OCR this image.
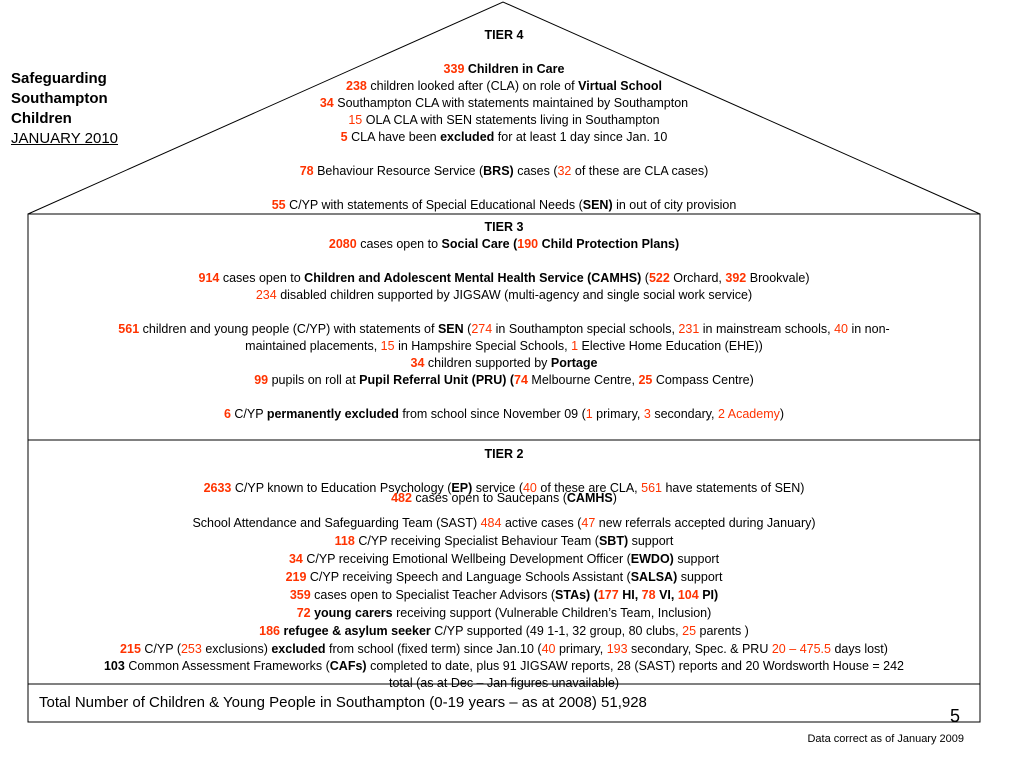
Safeguarding
Southampton
Children
JANUARY 2010
TIER 4
339 Children in Care
238 children looked after (CLA) on role of Virtual School
34 Southampton CLA with statements maintained by Southampton
15 OLA CLA with SEN statements living in Southampton
5 CLA have been excluded for at least 1 day since Jan. 10
78 Behaviour Resource Service (BRS) cases (32 of these are CLA cases)
55 C/YP with statements of Special Educational Needs (SEN) in out of city provision
TIER 3
2080 cases open to Social Care (190 Child Protection Plans)
914 cases open to Children and Adolescent Mental Health Service (CAMHS) (522 Orchard, 392 Brookvale)
234 disabled children supported by JIGSAW (multi-agency and single social work service)
561 children and young people (C/YP) with statements of SEN (274 in Southampton special schools, 231 in mainstream schools, 40 in non-
maintained placements, 15 in Hampshire Special Schools, 1 Elective Home Education (EHE))
34 children supported by Portage
99 pupils on roll at Pupil Referral Unit (PRU) (74 Melbourne Centre, 25 Compass Centre)
6 C/YP permanently excluded from school since November 09 (1 primary, 3 secondary, 2 Academy)
TIER 2
2633 C/YP known to Education Psychology (EP) service (40 of these are CLA, 561 have statements of SEN)
482 cases open to Saucepans (CAMHS)
School Attendance and Safeguarding Team (SAST) 484 active cases (47 new referrals accepted during January)
118 C/YP receiving Specialist Behaviour Team (SBT) support
34 C/YP receiving Emotional Wellbeing Development Officer (EWDO) support
219 C/YP receiving Speech and Language Schools Assistant (SALSA) support
359 cases open to Specialist Teacher Advisors (STAs) (177 HI, 78 VI, 104 PI)
72 young carers receiving support (Vulnerable Children’s Team, Inclusion)
186 refugee & asylum seeker C/YP supported (49 1-1, 32 group, 80 clubs, 25 parents )
215 C/YP (253 exclusions) excluded from school (fixed term) since Jan.10 (40 primary, 193 secondary, Spec. & PRU 20 – 475.5 days lost)
103 Common Assessment Frameworks (CAFs) completed to date, plus 91 JIGSAW reports, 28 (SAST) reports and 20 Wordsworth House = 242
total (as at Dec – Jan figures unavailable)
Total Number of Children & Young People in Southampton (0-19 years – as at 2008) 51,928
5
Data correct as of January 2009
